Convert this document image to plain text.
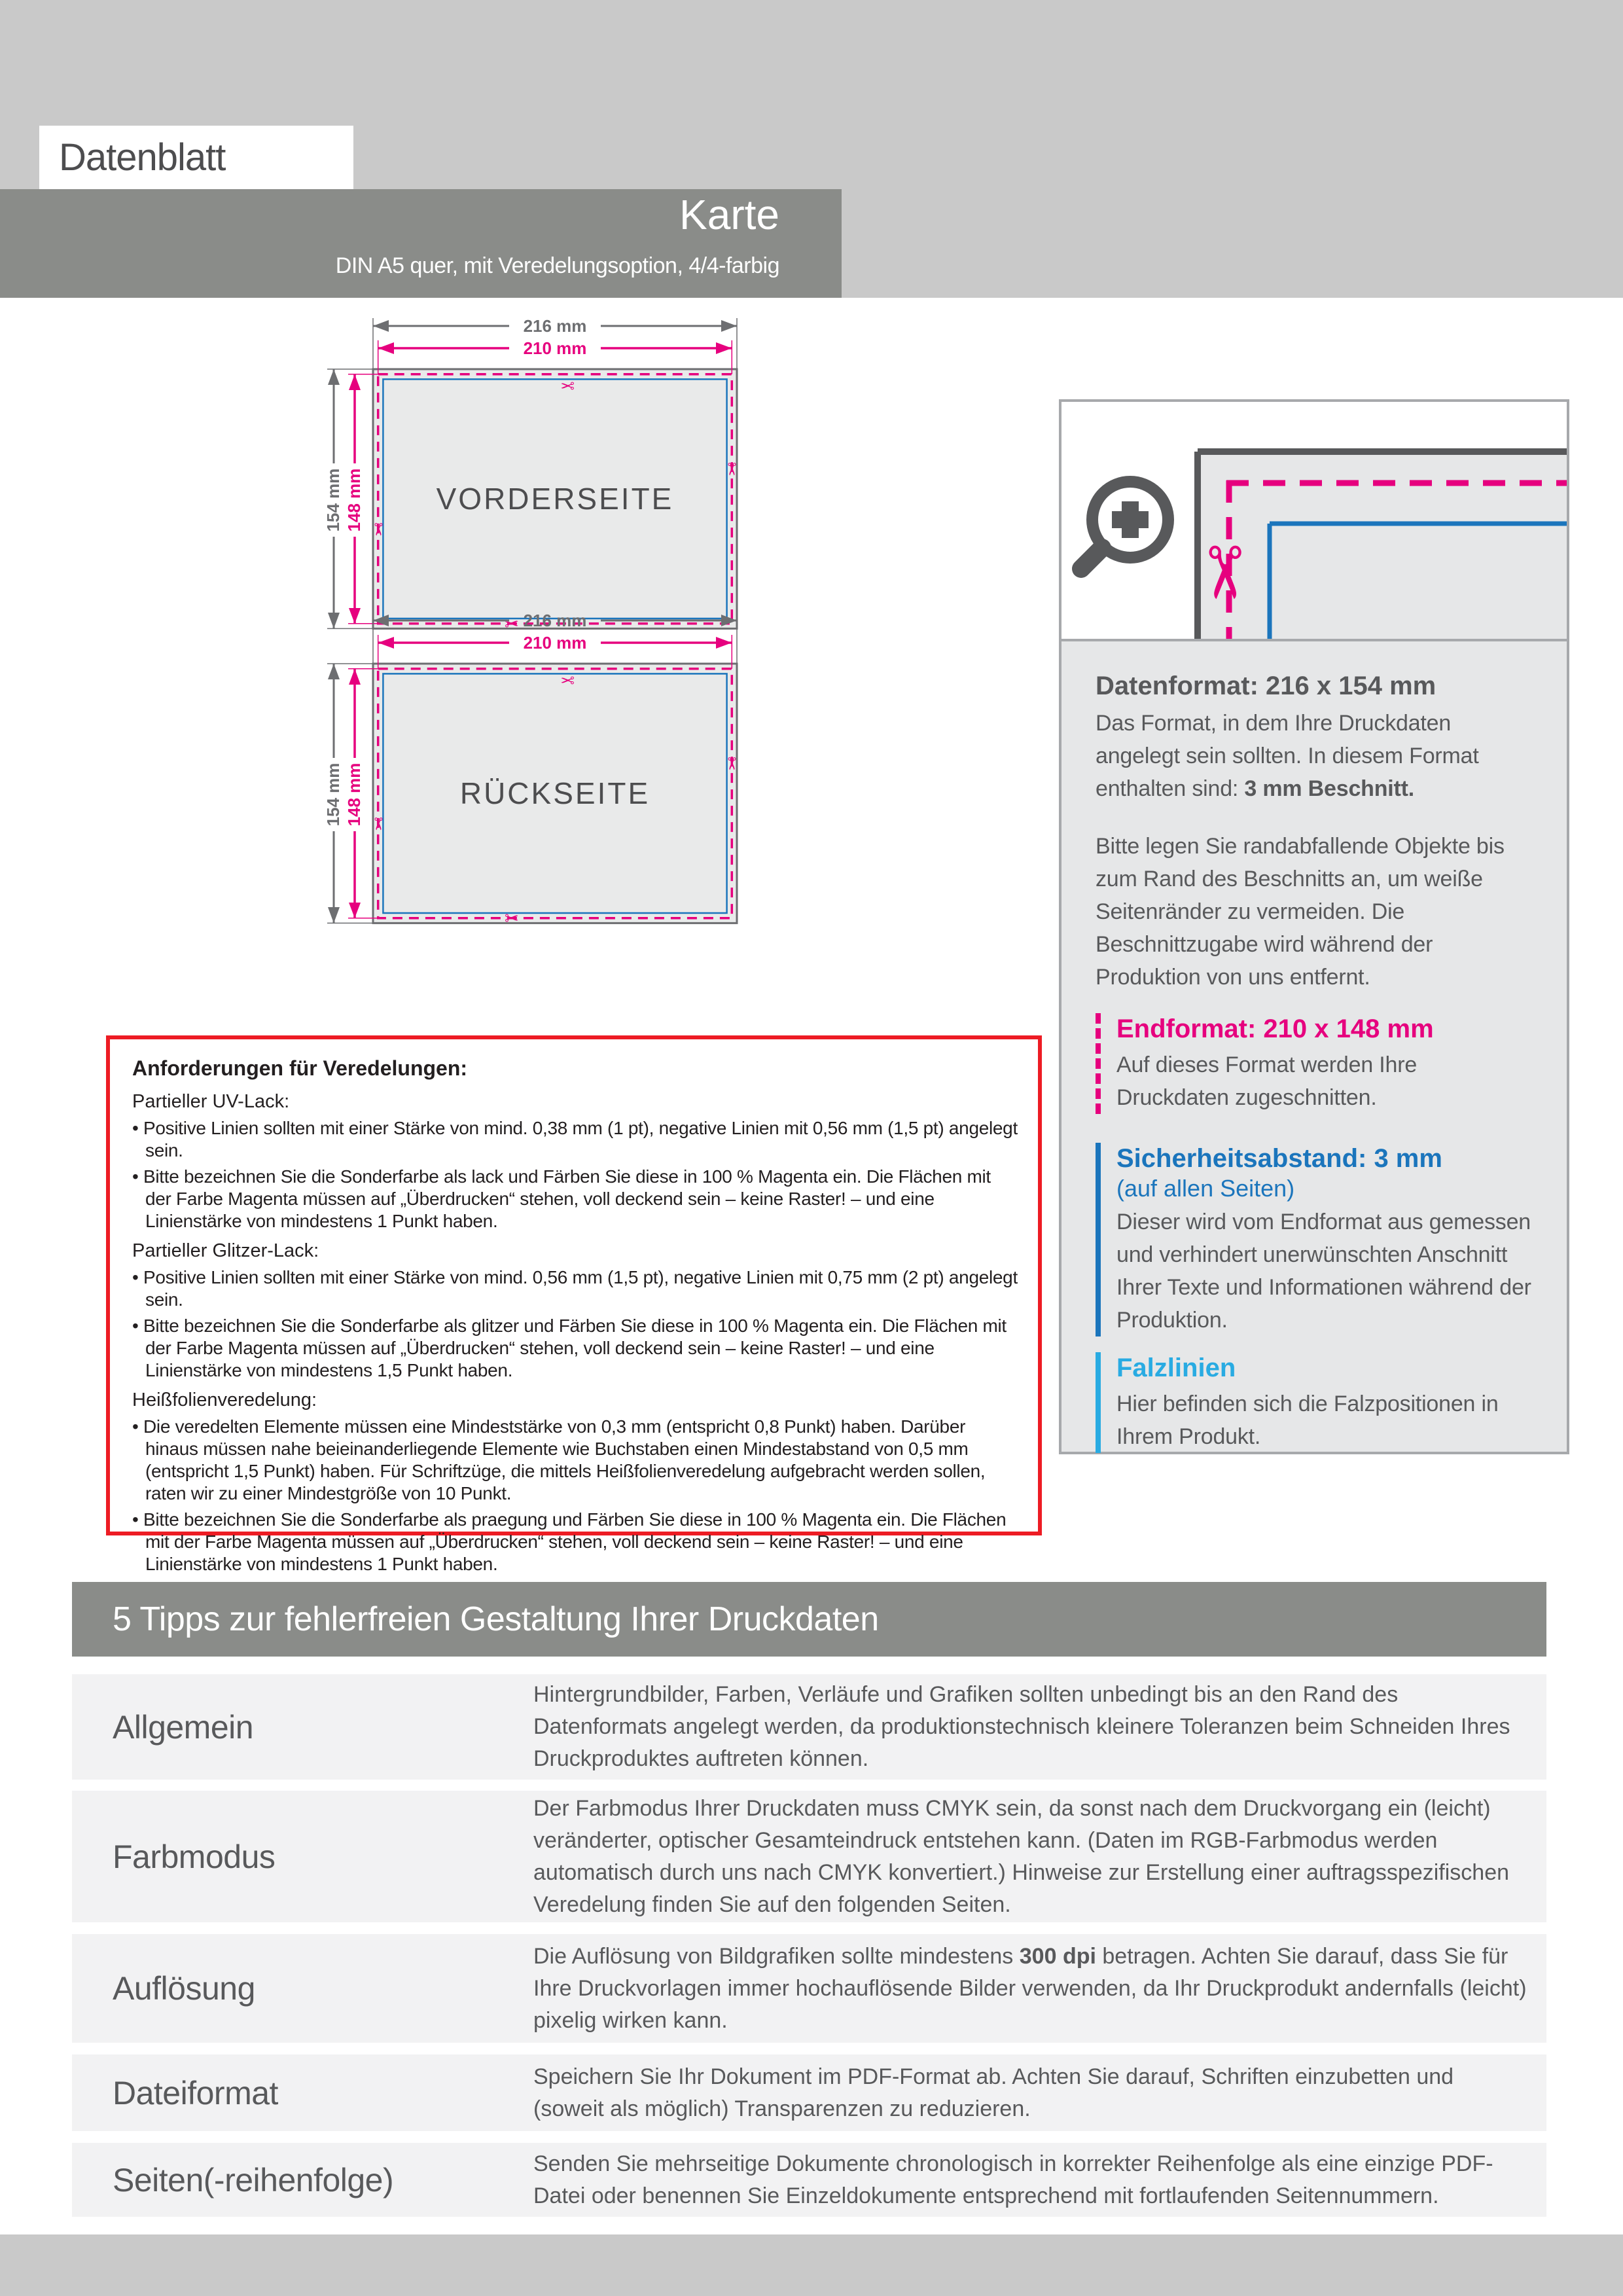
Datenblatt
Karte
DIN A5 quer, mit Veredelungsoption, 4/4-farbig
216 mm
210 mm
154 mm 148 mm
✂
✂
✂
✂
VORDERSEITE
216 mm
210 mm
154 mm 148 mm
✂
✂
✂
✂
RÜCKSEITE
✂
Datenformat: 216 x 154 mm
Das Format, in dem Ihre Druckdaten angelegt sein sollten. In diesem Format enthalten sind: 3 mm Beschnitt.
Bitte legen Sie randabfallende Objekte bis zum Rand des Beschnitts an, um weiße Seitenränder zu vermeiden. Die Beschnittzugabe wird während der Produktion von uns entfernt.
Endformat: 210 x 148 mm
Auf dieses Format werden Ihre Druckdaten zugeschnitten.
Sicherheitsabstand: 3 mm
(auf allen Seiten)
Dieser wird vom Endformat aus gemessen und verhindert unerwünschten Anschnitt Ihrer Texte und Informationen während der Produktion.
Falzlinien
Hier befinden sich die Falzpositionen in Ihrem Produkt.
Anforderungen für Veredelungen:
Partieller UV-Lack:
• Positive Linien sollten mit einer Stärke von mind. 0,38 mm (1 pt), negative Linien mit 0,56 mm (1,5 pt) angelegt sein.
• Bitte bezeichnen Sie die Sonderfarbe als lack und Färben Sie diese in 100 % Magenta ein. Die Flächen mit der Farbe Magenta müssen auf „Überdrucken“ stehen, voll deckend sein – keine Raster! – und eine Linienstärke von mindestens 1 Punkt haben.
Partieller Glitzer-Lack:
• Positive Linien sollten mit einer Stärke von mind. 0,56 mm (1,5 pt), negative Linien mit 0,75 mm (2 pt) angelegt sein.
• Bitte bezeichnen Sie die Sonderfarbe als glitzer und Färben Sie diese in 100 % Magenta ein. Die Flächen mit der Farbe Magenta müssen auf „Überdrucken“ stehen, voll deckend sein – keine Raster! – und eine Linienstärke von mindestens 1,5 Punkt haben.
Heißfolienveredelung:
• Die veredelten Elemente müssen eine Mindeststärke von 0,3 mm (entspricht 0,8 Punkt) haben. Darüber hinaus müssen nahe beieinanderliegende Elemente wie Buchstaben einen Mindestabstand von 0,5 mm (entspricht 1,5 Punkt) haben. Für Schriftzüge, die mittels Heißfolienveredelung aufgebracht werden sollen, raten wir zu einer Mindestgröße von 10 Punkt.
• Bitte bezeichnen Sie die Sonderfarbe als praegung und Färben Sie diese in 100 % Magenta ein. Die Flächen mit der Farbe Magenta müssen auf „Überdrucken“ stehen, voll deckend sein – keine Raster! – und eine Linienstärke von mindestens 1 Punkt haben.
5 Tipps zur fehlerfreien Gestaltung Ihrer Druckdaten
Allgemein
Hintergrundbilder, Farben, Verläufe und Grafiken sollten unbedingt bis an den Rand des Datenformats angelegt werden, da produktionstechnisch kleinere Toleranzen beim Schneiden Ihres Druckproduktes auftreten können.
Farbmodus
Der Farbmodus Ihrer Druckdaten muss CMYK sein, da sonst nach dem Druckvorgang ein (leicht) veränderter, optischer Gesamteindruck entstehen kann. (Daten im RGB-Farbmodus werden automatisch durch uns nach CMYK konvertiert.) Hinweise zur Erstellung einer auftragsspezifischen Veredelung finden Sie auf den folgenden Seiten.
Auflösung
Die Auflösung von Bildgrafiken sollte mindestens 300 dpi betragen. Achten Sie darauf, dass Sie für Ihre Druckvorlagen immer hochauflösende Bilder verwenden, da Ihr Druckprodukt andernfalls (leicht) pixelig wirken kann.
Dateiformat	Speichern Sie Ihr Dokument im PDF-Format ab. Achten Sie darauf, Schriften einzubetten und (soweit als möglich) Transparenzen zu reduzieren.
Seiten(-reihenfolge)	Senden Sie mehrseitige Dokumente chronologisch in korrekter Reihenfolge als eine einzige PDF-Datei oder benennen Sie Einzeldokumente entsprechend mit fortlaufenden Seitennummern.
